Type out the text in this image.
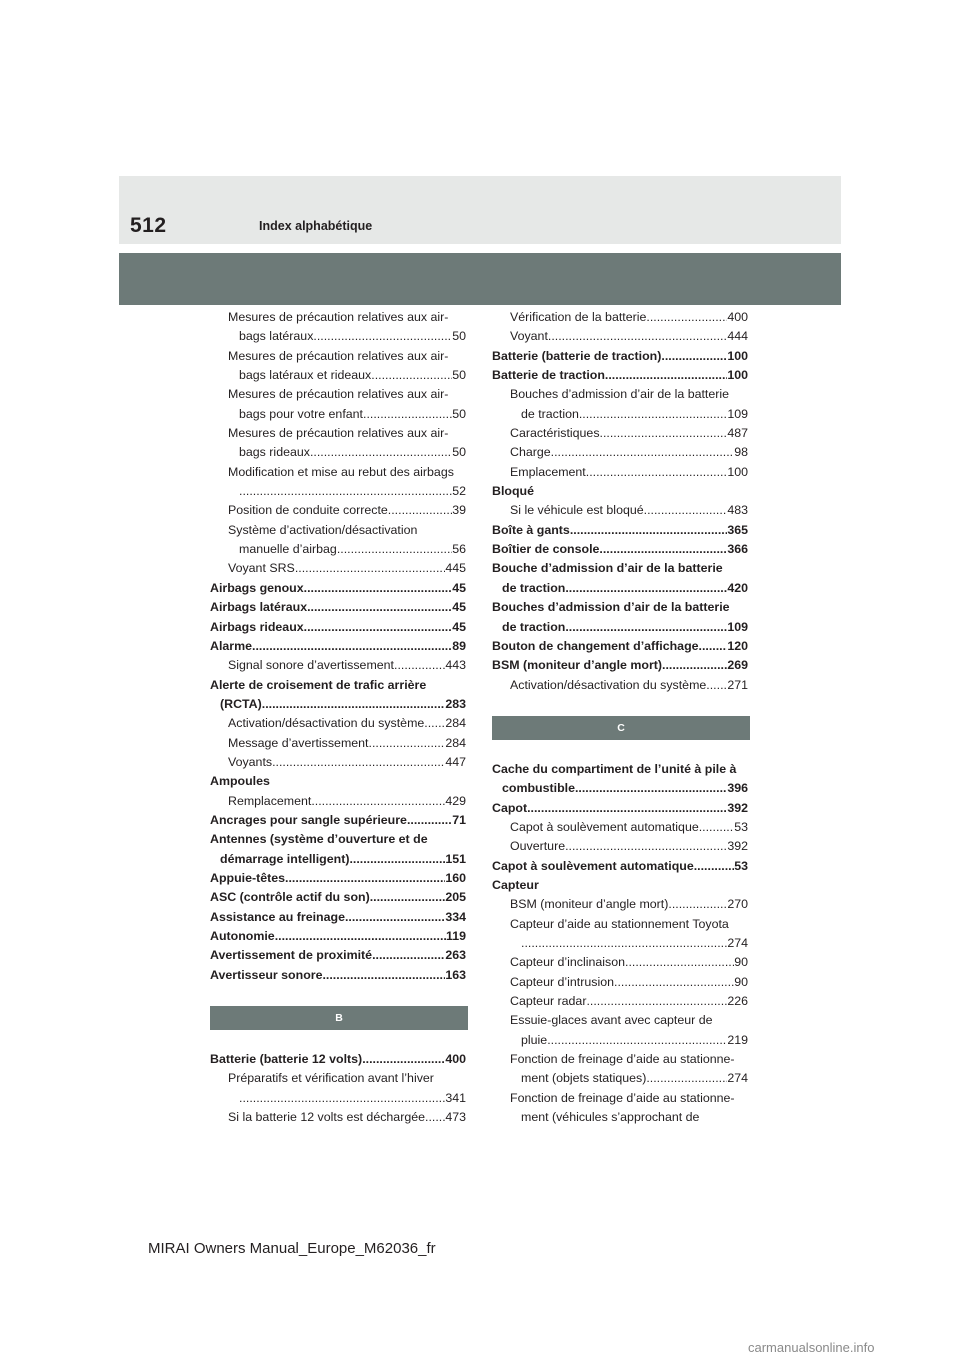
512	Index alphabétique
Mesures de précaution relatives aux air-
bags latéraux .....	50
Mesures de précaution relatives aux air-
bags latéraux et rideaux .....	50
Mesures de précaution relatives aux air-
bags pour votre enfant .....	50
Mesures de précaution relatives aux air-
bags rideaux .....	50
Modification et mise au rebut des airbags
.....
52
Position de conduite correcte .....	39
Système d’activation/désactivation
manuelle d’airbag .....	56
Voyant SRS .....	445
Airbags genoux .....	45
Airbags latéraux .....	45
Airbags rideaux .....	45
Alarme .....	89
Signal sonore d’avertissement .....	443
Alerte de croisement de trafic arrière
(RCTA) .....	283
Activation/désactivation du système ..... 284
Message d’avertissement .....	284
Voyants .....	447
Ampoules
Remplacement .....	429
Ancrages pour sangle supérieure .....	71
Antennes (système d’ouverture et de
démarrage intelligent) .....	151
Appuie-têtes .....	160
ASC (contrôle actif du son) .....	205
Assistance au freinage .....	334
Autonomie .....	119
Avertissement de proximité .....	263
Avertisseur sonore .....	163
B
Batterie (batterie 12 volts) .....	400
Préparatifs et vérification avant l’hiver
.....
341
Si la batterie 12 volts est déchargée ..... 473
Vérification de la batterie .....	400
Voyant .....	444
Batterie (batterie de traction) .....	100
Batterie de traction .....	100
Bouches d’admission d’air de la batterie
de traction .....	109
Caractéristiques .....	487
Charge .....	98
Emplacement .....	100
Bloqué
Si le véhicule est bloqué .....	483
Boîte à gants .....	365
Boîtier de console .....	366
Bouche d’admission d’air de la batterie
de traction .....	420
Bouches d’admission d’air de la batterie
de traction .....	109
Bouton de changement d’affichage ..... 120
BSM (moniteur d’angle mort) .....	269
Activation/désactivation du système ..... 271
C
Cache du compartiment de l’unité à pile à
combustible .....	396
Capot .....	392
Capot à soulèvement automatique .....	53
Ouverture .....	392
Capot à soulèvement automatique .....	53
Capteur
BSM (moniteur d’angle mort) .....	270
Capteur d’aide au stationnement Toyota
.....
274
Capteur d’inclinaison .....	90
Capteur d’intrusion .....	90
Capteur radar .....	226
Essuie-glaces avant avec capteur de
pluie .....	219
Fonction de freinage d’aide au stationne-
ment (objets statiques) .....	274
Fonction de freinage d’aide au stationne-
ment (véhicules s’approchant de
MIRAI Owners Manual_Europe_M62036_fr
carmanualsonline.info
